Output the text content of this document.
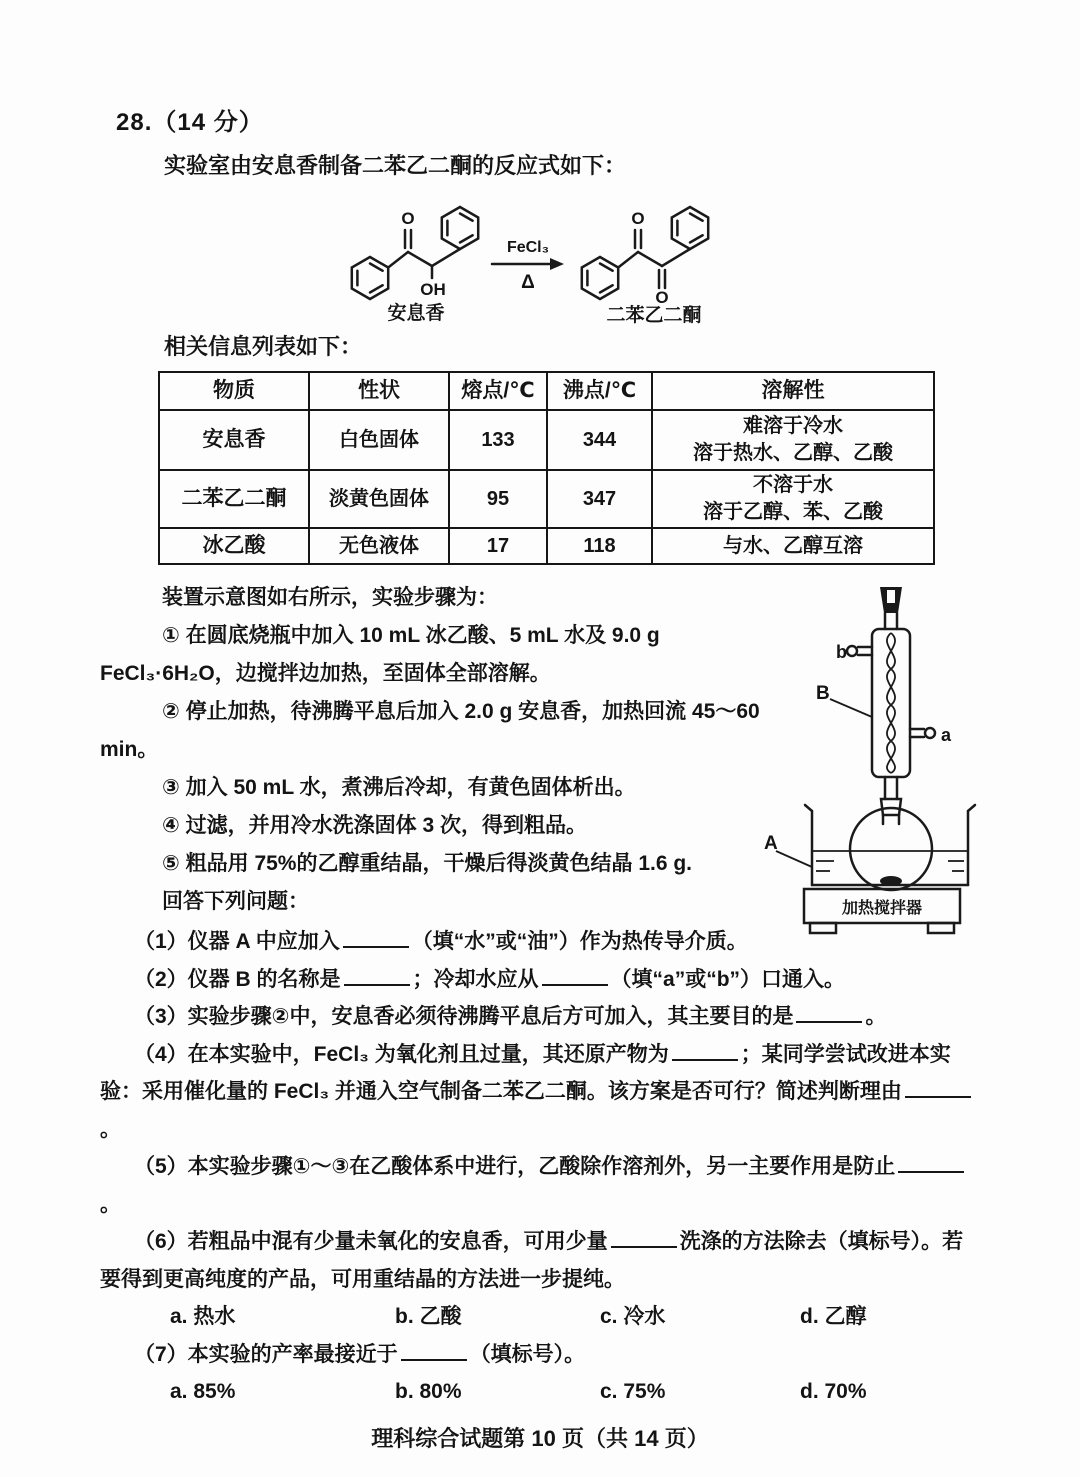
28.（14 分）

实验室由安息香制备二苯乙二酮的反应式如下：

O
OH
安息香
FeCl₃
Δ
O
O
二苯乙二酮

相关信息列表如下：

物质	性状	熔点/℃	沸点/℃	溶解性
安息香	白色固体	133	344	难溶于冷水
溶于热水、乙醇、乙酸

二苯乙二酮	淡黄色固体	95	347	不溶于水
溶于乙醇、苯、乙酸

冰乙酸	无色液体	17	118	与水、乙醇互溶
b
B
a
A
加热搅拌器

装置示意图如右所示，实验步骤为：

① 在圆底烧瓶中加入 10 mL 冰乙酸、5 mL 水及 9.0 g FeCl₃·6H₂O，边搅拌边加热，至固体全部溶解。

② 停止加热，待沸腾平息后加入 2.0 g 安息香，加热回流 45～60 min。

③ 加入 50 mL 水，煮沸后冷却，有黄色固体析出。

④ 过滤，并用冷水洗涤固体 3 次，得到粗品。

⑤ 粗品用 75%的乙醇重结晶，干燥后得淡黄色结晶 1.6 g.

回答下列问题：

（1）仪器 A 中应加入	（填“水”或“油”）作为热传导介质。

（2）仪器 B 的名称是	；冷却水应从	（填“a”或“b”）口通入。

（3）实验步骤②中，安息香必须待沸腾平息后方可加入，其主要目的是	。

（4）在本实验中，FeCl₃ 为氧化剂且过量，其还原产物为	；某同学尝试改进本实验：采用催化量的 FeCl₃ 并通入空气制备二苯乙二酮。该方案是否可行？简述判断理由。

（5）本实验步骤①～③在乙酸体系中进行，乙酸除作溶剂外，另一主要作用是防止。

（6）若粗品中混有少量未氧化的安息香，可用少量	洗涤的方法除去（填标号）。若要得到更高纯度的产品，可用重结晶的方法进一步提纯。

a. 热水	b. 乙酸	c. 冷水	d. 乙醇

（7）本实验的产率最接近于	（填标号）。

a. 85%	b. 80%	c. 75%	d. 70%
理科综合试题第 10 页（共 14 页）
